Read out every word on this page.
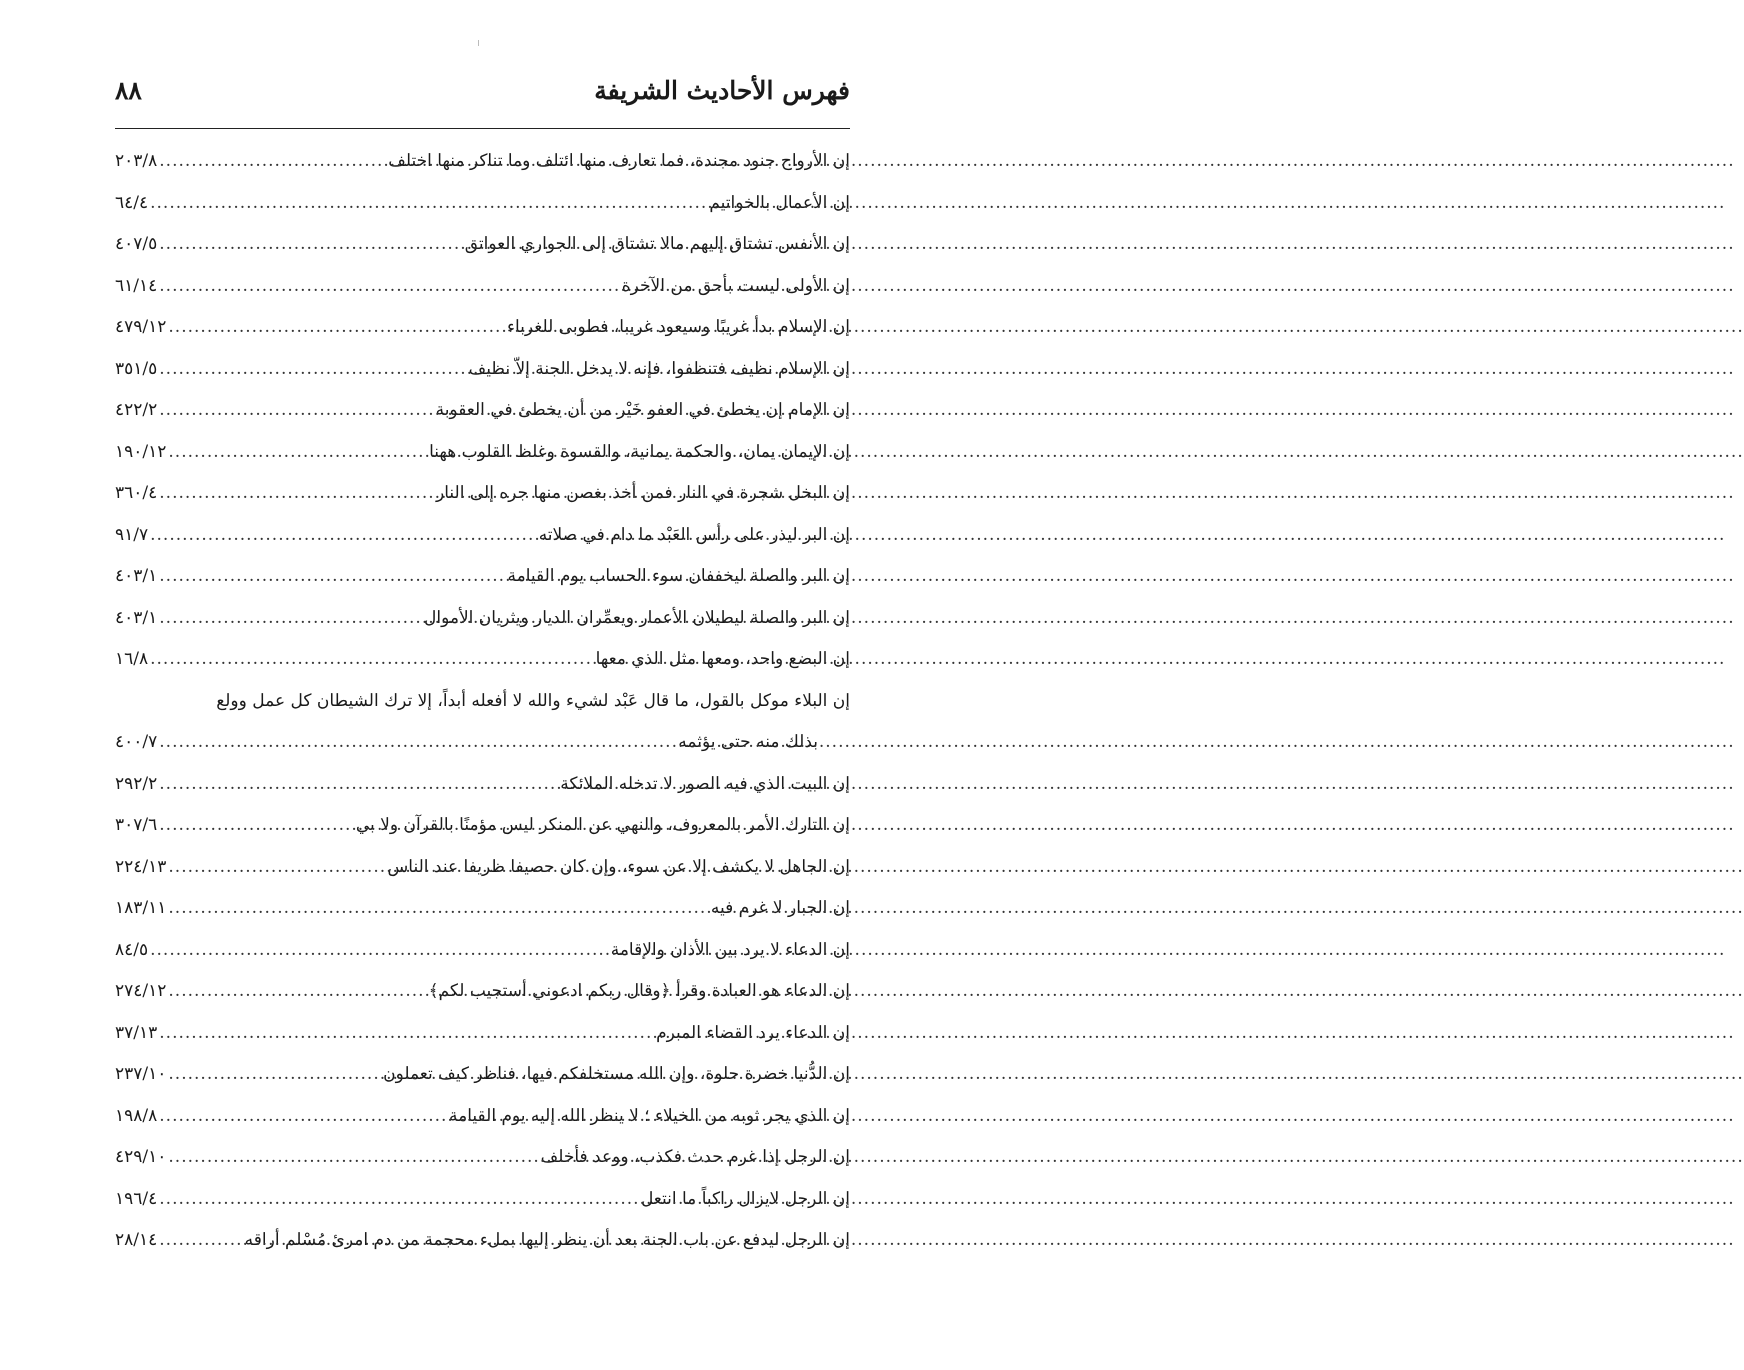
فهرس الأحاديث الشريفة
٨٨
إن الأرواح جنود مجندة، فما تعارف منها ائتلف وما تناكر منها اختلف
.....
٢٠٣/٨
إن الأعمال بالخواتيم
.....
٦٤/٤
إن الأنفس تشتاق إليهم مالا تشتاق إلى الجواري العواتق
.....
٤٠٧/٥
إن الأولى ليست بأحق من الآخرة
.....
٦١/١٤
إن الإسلام بدأ غريبًا وسيعود غريبا، فطوبى للغرباء
.....
٤٧٩/١٢
إن الإسلام نظيف فتنظفوا، فإنه لا يدخل الجنة إلاّ نظيف
.....
٣٥١/٥
إن الإمام إن يخطئ في العفو خَيْر من أن يخطئ في العقوبة
.....
٤٢٢/٢
إن الإيمان يمان، والحكمة يمانية، والقسوة وغلظ القلوب ههنا
.....
١٩٠/١٢
إن البخل شجرة في النار فمن أخذ بغصن منها جره إلى النار
.....
٣٦٠/٤
إن البر ليذر على رأس العَبْد ما دام في صلاته
.....
٩١/٧
إن البر والصلة ليخففان سوء الحساب يوم القيامة
.....
٤٠٣/١
إن البر والصلة ليطيلان الأعمار ويعمِّران الديار ويثريان الأموال
.....
٤٠٣/١
إن البضع واحد، ومعها مثل الذي معها
.....
١٦/٨
إن البلاء موكل بالقول، ما قال عَبْد لشيء والله لا أفعله أبداً، إلا ترك الشيطان كل عمل وولع
بذلك منه حتى يؤثمه
.....
٤٠٠/٧
إن البيت الذي فيه الصور لا تدخله الملائكة
.....
٢٩٢/٢
إن التارك الأمر بالمعروف، والنهي عن المنكر ليس مؤمنًا بالقرآن ولا بي
.....
٣٠٧/٦
إن الجاهل لا يكشف إلا عن سوء، وإن كان حصيفا ظريفا عند الناس
.....
٢٢٤/١٣
إن الجبار لا غرم فيه
.....
١٨٣/١١
إن الدعاء لا يرد بين الأذان والإقامة
.....
٨٤/٥
إن الدعاء هو العبادة وقرأ ﴿وقال ربكم ادعوني أستجيب لكم﴾
.....
٢٧٤/١٢
إن الدعاء يرد القضاء المبرم
.....
٣٧/١٣
إن الدُّنيا خضرة حلوة، وإن الله مستخلفكم فيها، فناظر كيف تعملون
.....
٢٣٧/١٠
إن الذي يجر ثوبه من الخيلاء ؛ لا ينظر الله إليه يوم القيامة
.....
١٩٨/٨
إن الرجل إذا غرم حدث فكذب، ووعد فأخلف
.....
٤٢٩/١٠
إن الرجل لايزال راكباً ما انتعل
.....
١٩٦/٤
إن الرجل ليدفع عن باب الجنة بعد أن ينظر إليها بملء محجمة من دم امرئ مُسْلم أراقه
.....
٢٨/١٤
